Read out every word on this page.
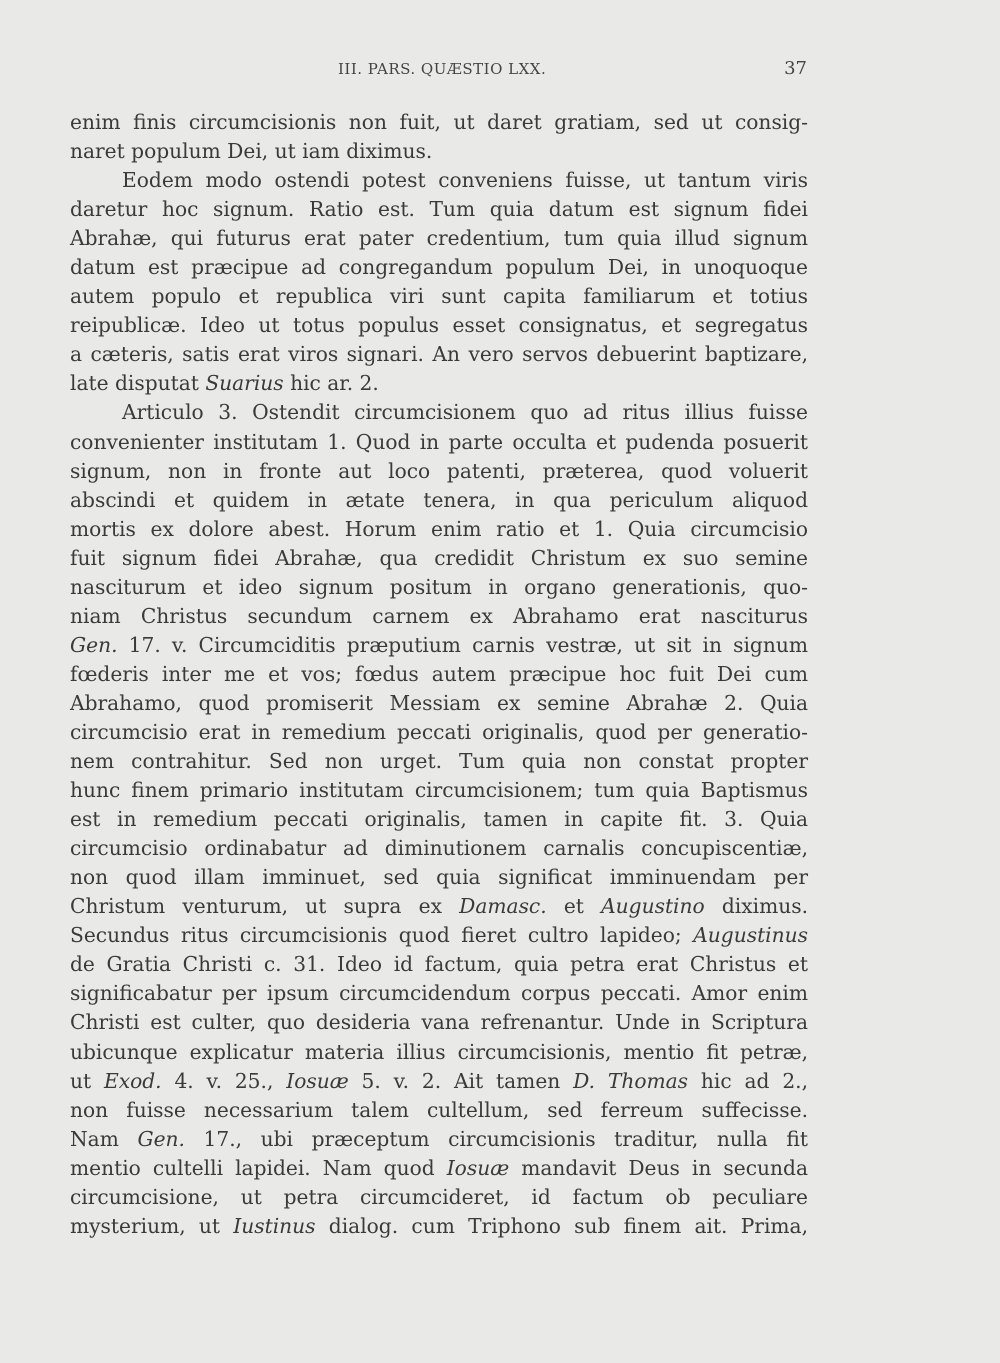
III. PARS. QUÆSTIO LXX.	37
enim finis circumcisionis non fuit, ut daret gratiam, sed ut consig-
naret populum Dei, ut iam diximus.
Eodem modo ostendi potest conveniens fuisse, ut tantum viris
daretur hoc signum. Ratio est. Tum quia datum est signum fidei
Abrahæ, qui futurus erat pater credentium, tum quia illud signum
datum est præcipue ad congregandum populum Dei, in unoquoque
autem populo et republica viri sunt capita familiarum et totius
reipublicæ. Ideo ut totus populus esset consignatus, et segregatus
a cæteris, satis erat viros signari. An vero servos debuerint baptizare,
late disputat Suarius hic ar. 2.
Articulo 3. Ostendit circumcisionem quo ad ritus illius fuisse
convenienter institutam 1. Quod in parte occulta et pudenda posuerit
signum, non in fronte aut loco patenti, præterea, quod voluerit
abscindi et quidem in ætate tenera, in qua periculum aliquod
mortis ex dolore abest. Horum enim ratio et 1. Quia circumcisio
fuit signum fidei Abrahæ, qua credidit Christum ex suo semine
nasciturum et ideo signum positum in organo generationis, quo-
niam Christus secundum carnem ex Abrahamo erat nasciturus
Gen. 17. v. Circumciditis præputium carnis vestræ, ut sit in signum
fœderis inter me et vos; fœdus autem præcipue hoc fuit Dei cum
Abrahamo, quod promiserit Messiam ex semine Abrahæ 2. Quia
circumcisio erat in remedium peccati originalis, quod per generatio-
nem contrahitur. Sed non urget. Tum quia non constat propter
hunc finem primario institutam circumcisionem; tum quia Baptismus
est in remedium peccati originalis, tamen in capite fit. 3. Quia
circumcisio ordinabatur ad diminutionem carnalis concupiscentiæ,
non quod illam imminuet, sed quia significat imminuendam per
Christum venturum, ut supra ex Damasc. et Augustino diximus.
Secundus ritus circumcisionis quod fieret cultro lapideo; Augustinus
de Gratia Christi c. 31. Ideo id factum, quia petra erat Christus et
significabatur per ipsum circumcidendum corpus peccati. Amor enim
Christi est culter, quo desideria vana refrenantur. Unde in Scriptura
ubicunque explicatur materia illius circumcisionis, mentio fit petræ,
ut Exod. 4. v. 25., Iosuæ 5. v. 2. Ait tamen D. Thomas hic ad 2.,
non fuisse necessarium talem cultellum, sed ferreum suffecisse.
Nam Gen. 17., ubi præceptum circumcisionis traditur, nulla fit
mentio cultelli lapidei. Nam quod Iosuæ mandavit Deus in secunda
circumcisione, ut petra circumcideret, id factum ob peculiare
mysterium, ut Iustinus dialog. cum Triphono sub finem ait. Prima,
